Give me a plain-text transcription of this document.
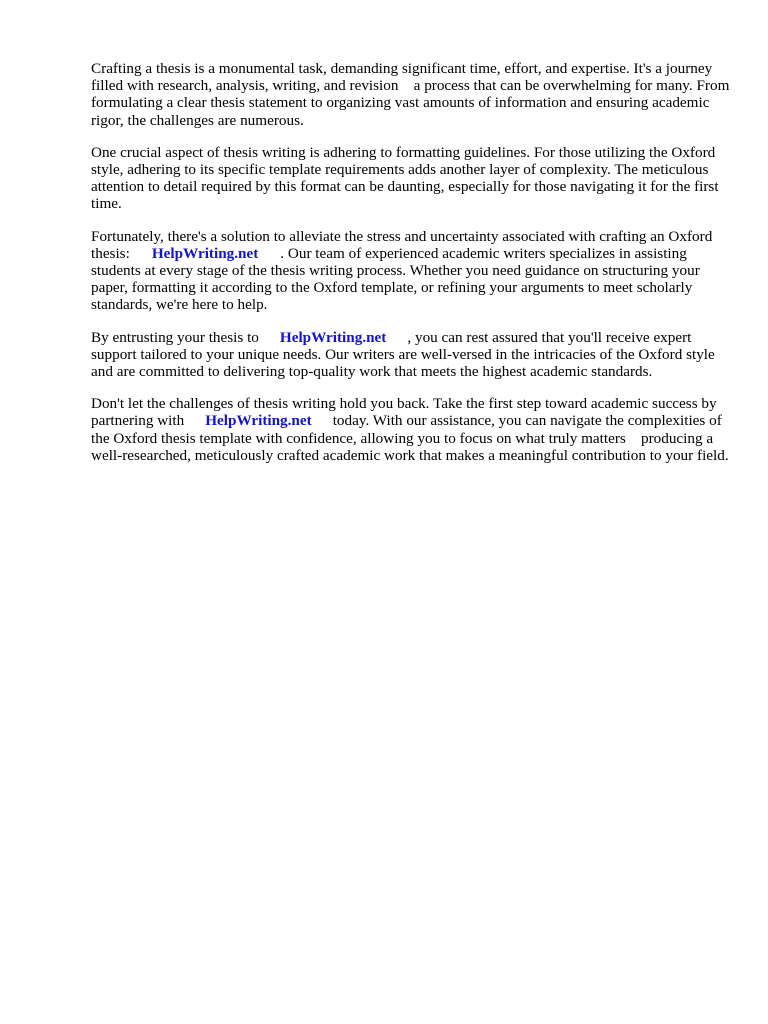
Crafting a thesis is a monumental task, demanding significant time, effort, and expertise. It's a journey filled with research, analysis, writing, and revision    a process that can be overwhelming for many. From formulating a clear thesis statement to organizing vast amounts of information and ensuring academic rigor, the challenges are numerous.

One crucial aspect of thesis writing is adhering to formatting guidelines. For those utilizing the Oxford style, adhering to its specific template requirements adds another layer of complexity. The meticulous attention to detail required by this format can be daunting, especially for those navigating it for the first time.

Fortunately, there's a solution to alleviate the stress and uncertainty associated with crafting an Oxford thesis: HelpWriting.net . Our team of experienced academic writers specializes in assisting students at every stage of the thesis writing process. Whether you need guidance on structuring your paper, formatting it according to the Oxford template, or refining your arguments to meet scholarly standards, we're here to help.

By entrusting your thesis to HelpWriting.net , you can rest assured that you'll receive expert support tailored to your unique needs. Our writers are well-versed in the intricacies of the Oxford style and are committed to delivering top-quality work that meets the highest academic standards.

Don't let the challenges of thesis writing hold you back. Take the first step toward academic success by partnering with HelpWriting.net today. With our assistance, you can navigate the complexities of the Oxford thesis template with confidence, allowing you to focus on what truly matters    producing a well-researched, meticulously crafted academic work that makes a meaningful contribution to your field.
